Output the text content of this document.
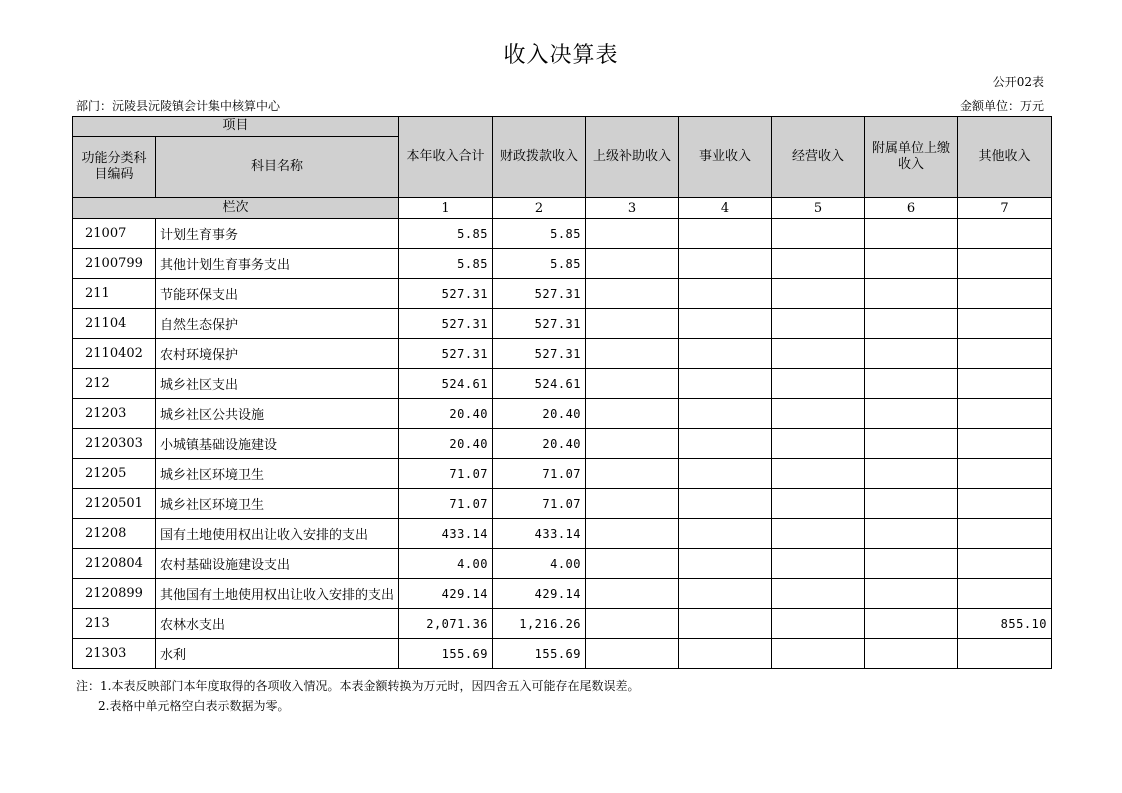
收入决算表
公开02表
部门：沅陵县沅陵镇会计集中核算中心	金额单位：万元
项目		本年收入合计	财政拨款收入	上级补助收入	事业收入	经营收入	附属单位上缴收入	其他收入
功能分类科目编码	科目名称							
栏次		1	2	3	4	5	6	7
21007	计划生育事务	5.85	5.85					
2100799	其他计划生育事务支出	5.85	5.85					
211	节能环保支出	527.31	527.31					
21104	自然生态保护	527.31	527.31					
2110402	农村环境保护	527.31	527.31					
212	城乡社区支出	524.61	524.61					
21203	城乡社区公共设施	20.40	20.40					
2120303	小城镇基础设施建设	20.40	20.40					
21205	城乡社区环境卫生	71.07	71.07					
2120501	城乡社区环境卫生	71.07	71.07					
21208	国有土地使用权出让收入安排的支出	433.14	433.14					
2120804	农村基础设施建设支出	4.00	4.00					
2120899	其他国有土地使用权出让收入安排的支出	429.14	429.14					
213	农林水支出	2,071.36	1,216.26					855.10
21303	水利	155.69	155.69					
注：1.本表反映部门本年度取得的各项收入情况。本表金额转换为万元时，因四舍五入可能存在尾数误差。
2.表格中单元格空白表示数据为零。
